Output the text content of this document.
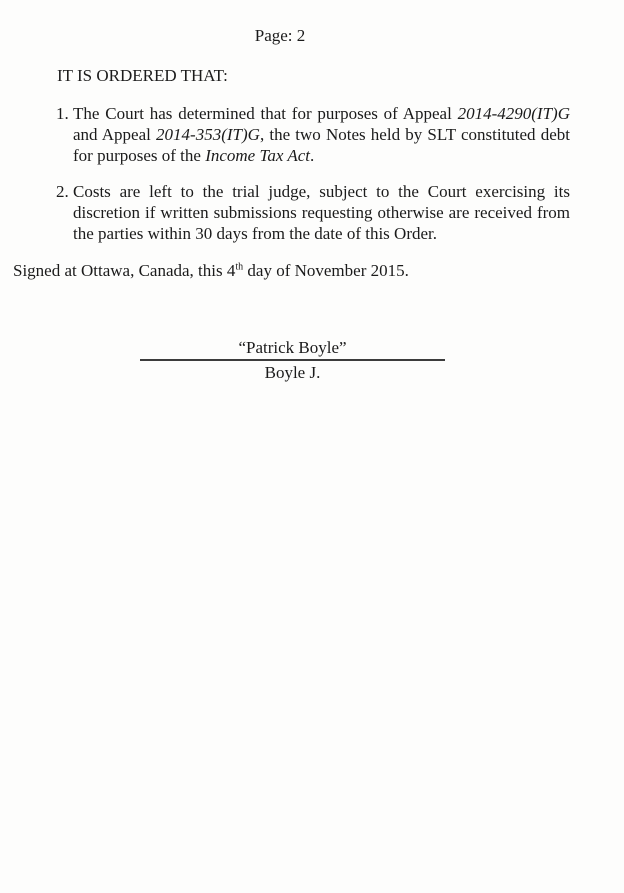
Page: 2
IT IS ORDERED THAT:
1. The Court has determined that for purposes of Appeal 2014-4290(IT)G and Appeal 2014-353(IT)G, the two Notes held by SLT constituted debt for purposes of the Income Tax Act.
2. Costs are left to the trial judge, subject to the Court exercising its discretion if written submissions requesting otherwise are received from the parties within 30 days from the date of this Order.
Signed at Ottawa, Canada, this 4th day of November 2015.
“Patrick Boyle”
Boyle J.
